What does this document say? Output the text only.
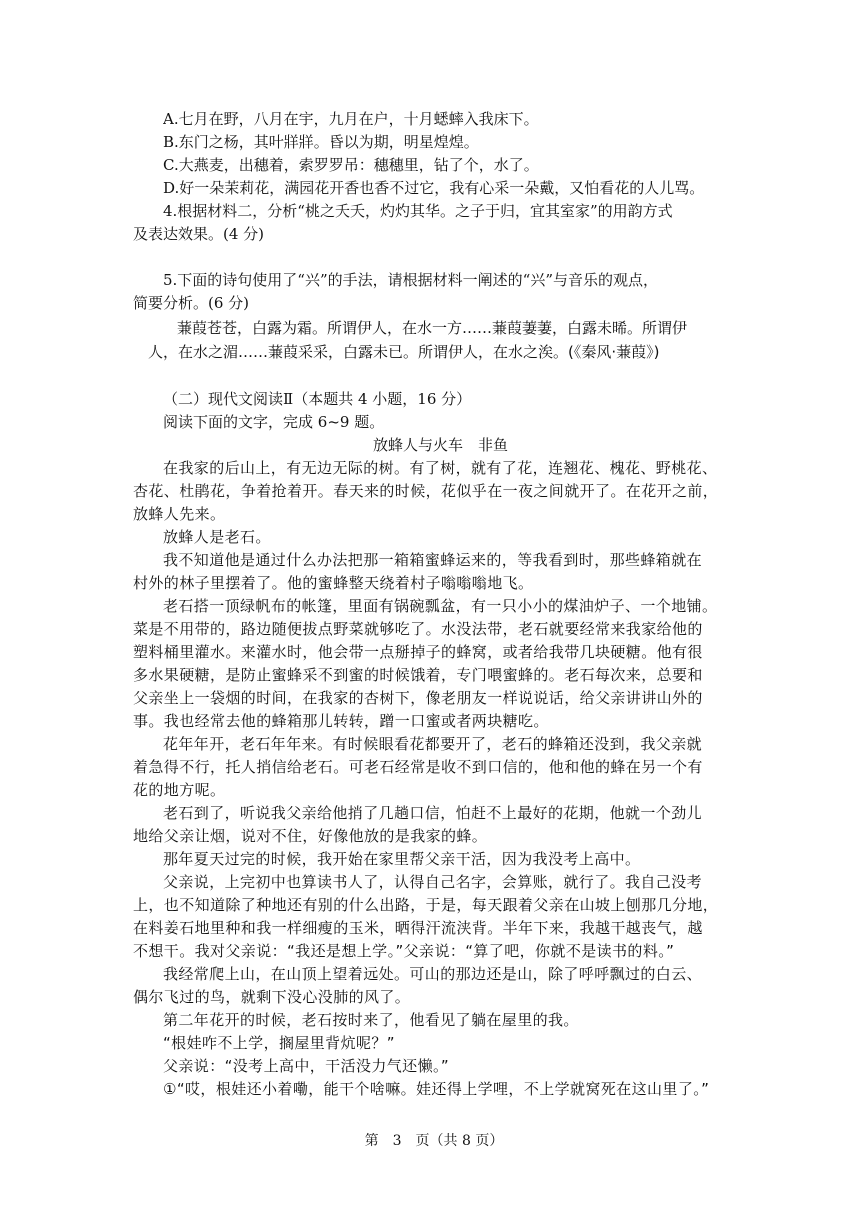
A.七月在野，八月在宇，九月在户，十月蟋蟀入我床下。
B.东门之杨，其叶牂牂。昏以为期，明星煌煌。
C.大燕麦，出穗着，索罗罗吊：穗穗里，钻了个，水了。
D.好一朵茉莉花，满园花开香也香不过它，我有心采一朵戴，又怕看花的人儿骂。
4.根据材料二，分析“桃之夭夭，灼灼其华。之子于归，宜其室家”的用韵方式
及表达效果。(4 分)
5.下面的诗句使用了“兴”的手法，请根据材料一阐述的“兴”与音乐的观点，
简要分析。(6 分)
蒹葭苍苍，白露为霜。所谓伊人，在水一方……蒹葭萋萋，白露未晞。所谓伊
人，在水之湄……蒹葭采采，白露未已。所谓伊人，在水之涘。(《秦风·蒹葭》)
（二）现代文阅读Ⅱ（本题共 4 小题，16 分）
阅读下面的文字，完成 6~9 题。
放蜂人与火车　非鱼
在我家的后山上，有无边无际的树。有了树，就有了花，连翘花、槐花、野桃花、
杏花、杜鹃花，争着抢着开。春天来的时候，花似乎在一夜之间就开了。在花开之前，
放蜂人先来。
放蜂人是老石。
我不知道他是通过什么办法把那一箱箱蜜蜂运来的，等我看到时，那些蜂箱就在
村外的林子里摆着了。他的蜜蜂整天绕着村子嗡嗡嗡地飞。
老石搭一顶绿帆布的帐篷，里面有锅碗瓢盆，有一只小小的煤油炉子、一个地铺。
菜是不用带的，路边随便拔点野菜就够吃了。水没法带，老石就要经常来我家给他的
塑料桶里灌水。来灌水时，他会带一点掰掉子的蜂窝，或者给我带几块硬糖。他有很
多水果硬糖，是防止蜜蜂采不到蜜的时候饿着，专门喂蜜蜂的。老石每次来，总要和
父亲坐上一袋烟的时间，在我家的杏树下，像老朋友一样说说话，给父亲讲讲山外的
事。我也经常去他的蜂箱那儿转转，蹭一口蜜或者两块糖吃。
花年年开，老石年年来。有时候眼看花都要开了，老石的蜂箱还没到，我父亲就
着急得不行，托人捎信给老石。可老石经常是收不到口信的，他和他的蜂在另一个有
花的地方呢。
老石到了，听说我父亲给他捎了几趟口信，怕赶不上最好的花期，他就一个劲儿
地给父亲让烟，说对不住，好像他放的是我家的蜂。
那年夏天过完的时候，我开始在家里帮父亲干活，因为我没考上高中。
父亲说，上完初中也算读书人了，认得自己名字，会算账，就行了。我自己没考
上，也不知道除了种地还有别的什么出路，于是，每天跟着父亲在山坡上刨那几分地，
在料姜石地里种和我一样细瘦的玉米，晒得汗流浃背。半年下来，我越干越丧气，越
不想干。我对父亲说：“我还是想上学。”父亲说：“算了吧，你就不是读书的料。”
我经常爬上山，在山顶上望着远处。可山的那边还是山，除了呼呼飘过的白云、
偶尔飞过的鸟，就剩下没心没肺的风了。
第二年花开的时候，老石按时来了，他看见了躺在屋里的我。
“根娃咋不上学，搁屋里背炕呢？”
父亲说：“没考上高中，干活没力气还懒。”
①“哎，根娃还小着嘞，能干个啥嘛。娃还得上学哩，不上学就窝死在这山里了。”
第　3　页（共 8 页）
